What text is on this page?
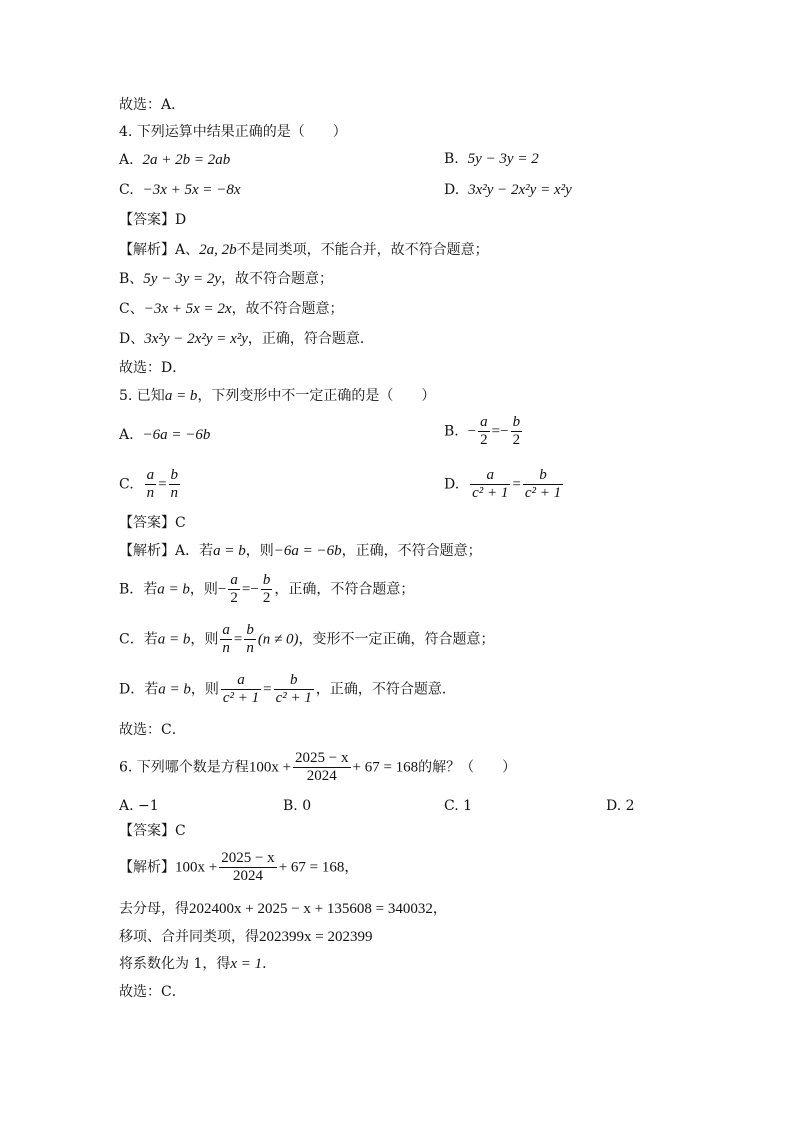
故选：A．
4. 下列运算中结果正确的是（　　）
A. 2a + 2b = 2ab	B. 5y − 3y = 2
C. −3x + 5x = −8x	D. 3x²y − 2x²y = x²y
【答案】D
【解析】A、2a, 2b不是同类项，不能合并，故不符合题意；
B、5y − 3y = 2y，故不符合题意；
C、−3x + 5x = 2x，故不符合题意；
D、3x²y − 2x²y = x²y，正确，符合题意．
故选：D．
5. 已知a = b，下列变形中不一定正确的是（　　）
A. −6a = −6b	B. − $\frac{a}{2} =- \frac{b}{2}$
C. $\frac{a}{n} = \frac{b}{n}$	D. $\frac{a}{\text{c² + 1}} = \frac{b}{\text{c² + 1}}$
【答案】C
【解析】A．若a = b，则−6a = −6b，正确，不符合题意；
B．若a = b，则− $\frac{a}{2} =- \frac{b}{2}$ ，正确，不符合题意；
C．若a = b，则 $\frac{a}{n} = \frac{b}{n} (n \ne 0)$，变形不一定正确，符合题意；
D．若a = b，则 $\frac{a}{\text{c² + 1}} = \frac{b}{\text{c² + 1}}$ ，正确，不符合题意．
故选：C．
6. 下列哪个数是方程$100x + \frac{2025 - x}{2024} + 67 = 168$的解？（　　）
A. −1	B. 0	C. 1	D. 2
【答案】C
【解析】$100x + \frac{2025 - x}{2024} + 67 = 168$，
去分母，得202400x + 2025 − x + 135608 = 340032，
移项、合并同类项，得202399x = 202399
将系数化为 1，得x = 1．
故选：C．
